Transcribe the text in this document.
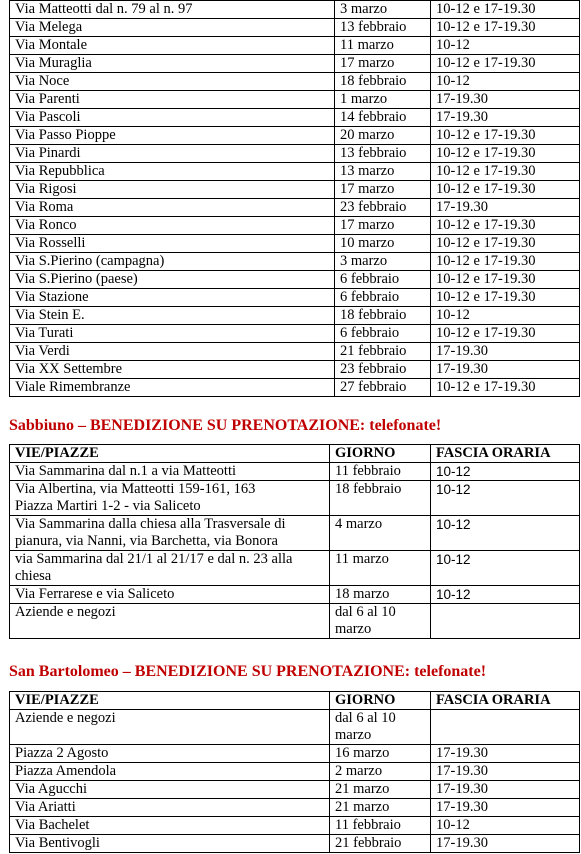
Via Matteotti dal n. 79 al n. 97	3 marzo	10-12 e 17-19.30
Via Melega	13 febbraio	10-12 e 17-19.30
Via Montale	11 marzo	10-12
Via Muraglia	17 marzo	10-12 e 17-19.30
Via Noce	18 febbraio	10-12
Via Parenti	1 marzo	17-19.30
Via Pascoli	14 febbraio	17-19.30
Via Passo Pioppe	20 marzo	10-12 e 17-19.30
Via Pinardi	13 febbraio	10-12 e 17-19.30
Via Repubblica	13 marzo	10-12 e 17-19.30
Via Rigosi	17 marzo	10-12 e 17-19.30
Via Roma	23 febbraio	17-19.30
Via Ronco	17 marzo	10-12 e 17-19.30
Via Rosselli	10 marzo	10-12 e 17-19.30
Via S.Pierino (campagna)	3 marzo	10-12 e 17-19.30
Via S.Pierino (paese)	6 febbraio	10-12 e 17-19.30
Via Stazione	6 febbraio	10-12 e 17-19.30
Via Stein E.	18 febbraio	10-12
Via Turati	6 febbraio	10-12 e 17-19.30
Via Verdi	21 febbraio	17-19.30
Via XX Settembre	23 febbraio	17-19.30
Viale Rimembranze	27 febbraio	10-12 e 17-19.30
Sabbiuno – BENEDIZIONE SU PRENOTAZIONE: telefonate!
VIE/PIAZZE	GIORNO	FASCIA ORARIA
Via Sammarina dal n.1 a via Matteotti	11 febbraio	10-12
Via Albertina, via Matteotti 159-161, 163
Piazza Martiri 1-2 - via Saliceto	18 febbraio	10-12
Via Sammarina dalla chiesa alla Trasversale di pianura, via Nanni, via Barchetta, via Bonora	4 marzo	10-12
via Sammarina dal 21/1 al 21/17 e dal n. 23 alla chiesa	11 marzo	10-12
Via Ferrarese e via Saliceto	18 marzo	10-12
Aziende e negozi	dal 6 al 10 marzo	
San Bartolomeo – BENEDIZIONE SU PRENOTAZIONE: telefonate!
VIE/PIAZZE	GIORNO	FASCIA ORARIA
Aziende e negozi	dal 6 al 10 marzo	
Piazza 2 Agosto	16 marzo	17-19.30
Piazza Amendola	2 marzo	17-19.30
Via Agucchi	21 marzo	17-19.30
Via Ariatti	21 marzo	17-19.30
Via Bachelet	11 febbraio	10-12
Via Bentivogli	21 febbraio	17-19.30
